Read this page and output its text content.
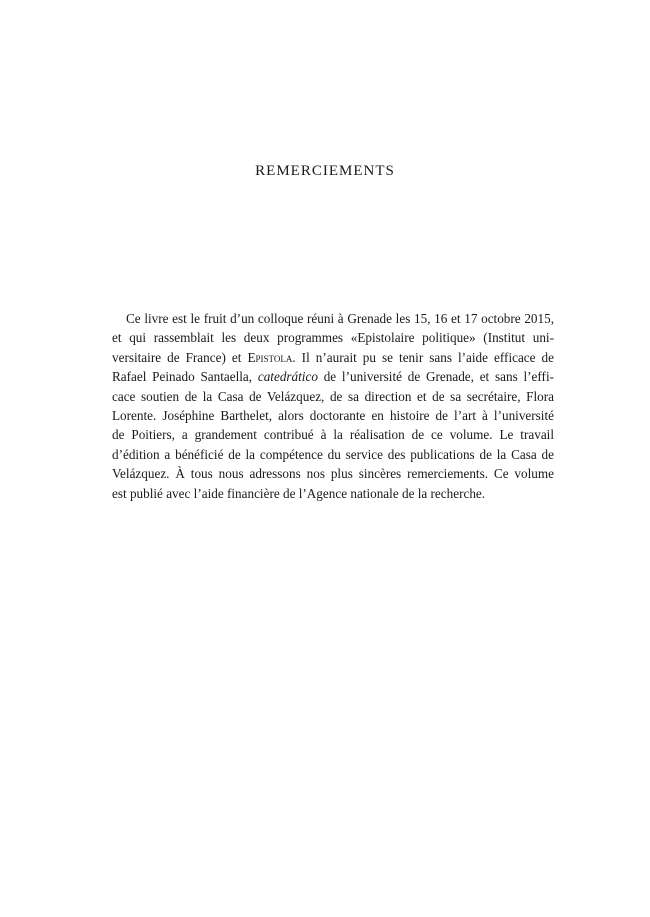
REMERCIEMENTS
Ce livre est le fruit d’un colloque réuni à Grenade les 15, 16 et 17 octobre 2015,
et qui rassemblait les deux programmes «Epistolaire politique» (Institut uni-
versitaire de France) et Epistola. Il n’aurait pu se tenir sans l’aide efficace de
Rafael Peinado Santaella, catedrático de l’université de Grenade, et sans l’effi-
cace soutien de la Casa de Velázquez, de sa direction et de sa secrétaire, Flora
Lorente. Joséphine Barthelet, alors doctorante en histoire de l’art à l’université
de Poitiers, a grandement contribué à la réalisation de ce volume. Le travail
d’édition a bénéficié de la compétence du service des publications de la Casa de
Velázquez. À tous nous adressons nos plus sincères remerciements. Ce volume
est publié avec l’aide financière de l’Agence nationale de la recherche.
